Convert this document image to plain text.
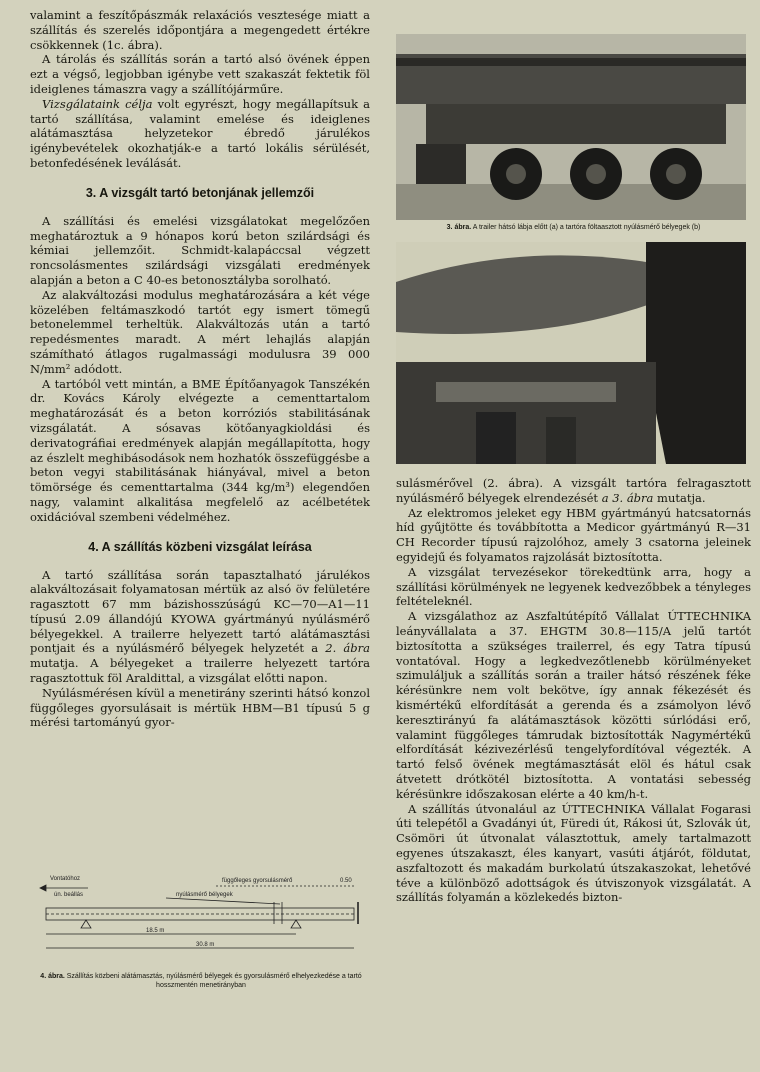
valamint a feszítőpászmák relaxációs vesztesége miatt a szállítás és szerelés időpontjára a megengedett értékre csökkennek (1c. ábra).

A tárolás és szállítás során a tartó alsó övének éppen ezt a végső, legjobban igénybe vett szakaszát fektetik föl ideiglenes támaszra vagy a szállítójárműre.

Vizsgálataink célja volt egyrészt, hogy megállapítsuk a tartó szállítása, valamint emelése és ideiglenes alátámasztása helyzetekor ébredő járulékos igénybevételek okozhatják-e a tartó lokális sérülését, betonfedésének leválását.

3. A vizsgált tartó betonjának jellemzői

A szállítási és emelési vizsgálatokat megelőzően meghatároztuk a 9 hónapos korú beton szilárdsági és kémiai jellemzőit. Schmidt-kalapáccsal végzett roncsolásmentes szilárdsági vizsgálati eredmények alapján a beton a C 40-es betonosztályba sorolható.

Az alakváltozási modulus meghatározására a két vége közelében feltámaszkodó tartót egy ismert tömegű betonelemmel terheltük. Alakváltozás után a tartó repedésmentes maradt. A mért lehajlás alapján számítható átlagos rugalmassági modulusra 39 000 N/mm² adódott.

A tartóból vett mintán, a BME Építőanyagok Tanszékén dr. Kovács Károly elvégezte a cementtartalom meghatározását és a beton korróziós stabilitásának vizsgálatát. A sósavas kötőanyagkioldási és derivatográfiai eredmények alapján megállapította, hogy az észlelt meghibásodások nem hozhatók összefüggésbe a beton vegyi stabilitásának hiányával, mivel a beton tömörsége és cementtartalma (344 kg/m³) elegendően nagy, valamint alkalitása megfelelő az acélbetétek oxidációval szembeni védelméhez.

4. A szállítás közbeni vizsgálat leírása

A tartó szállítása során tapasztalható járulékos alakváltozásait folyamatosan mértük az alsó öv felületére ragasztott 67 mm bázishosszúságú KC—70—A1—11 típusú 2.09 állandójú KYOWA gyártmányú nyúlásmérő bélyegekkel. A trailerre helyezett tartó alátámasztási pontjait és a nyúlásmérő bélyegek helyzetét a 2. ábra mutatja. A bélyegeket a trailerre helyezett tartóra ragasztottuk föl Araldittal, a vizsgálat előtti napon.

Nyúlásmérésen kívül a menetirány szerinti hátsó konzol függőleges gyorsulásait is mértük HBM—B1 típusú 5 g mérési tartományú gyor-

Vontatóhoz
ún. beállás
függőleges gyorsulásmérő	0.50
nyúlásmérő bélyegek
18.5 m
30.8 m
4. ábra. Szállítás közbeni alátámasztás, nyúlásmérő bélyegek és gyorsulásmérő elhelyezkedése a tartó hosszmentén menetirányban
3. ábra. A trailer hátsó lábja előtt (a) a tartóra föltaasztott nyúlásmérő bélyegek (b)

sulásmérővel (2. ábra). A vizsgált tartóra felragasztott nyúlásmérő bélyegek elrendezését a 3. ábra mutatja.

Az elektromos jeleket egy HBM gyártmányú hatcsatornás híd gyűjtötte és továbbította a Medicor gyártmányú R—31 CH Recorder típusú rajzolóhoz, amely 3 csatorna jeleinek egyidejű és folyamatos rajzolását biztosította.

A vizsgálat tervezésekor törekedtünk arra, hogy a szállítási körülmények ne legyenek kedvezőbbek a tényleges feltételeknél.

A vizsgálathoz az Aszfaltútépítő Vállalat ÚTTECHNIKA leányvállalata a 37. EHGTM 30.8—115/A jelű tartót biztosította a szükséges trailerrel, és egy Tatra típusú vontatóval. Hogy a legkedvezőtlenebb körülményeket szimuláljuk a szállítás során a trailer hátsó részének féke kérésünkre nem volt bekötve, így annak fékezését és kismértékű elfordítását a gerenda és a zsámolyon lévő keresztirányú fa alátámasztások közötti súrlódási erő, valamint függőleges támrudak biztosították Nagymértékű elfordítását kézivezérlésű tengelyfordítóval végezték. A tartó felső övének megtámasztását elöl és hátul csak átvetett drótkötél biztosította. A vontatási sebesség kérésünkre időszakosan elérte a 40 km/h-t.

A szállítás útvonalául az ÚTTECHNIKA Vállalat Fogarasi úti telepétől a Gvadányi út, Füredi út, Rákosi út, Szlovák út, Csömöri út útvonalat választottuk, amely tartalmazott egyenes útszakaszt, éles kanyart, vasúti átjárót, földutat, aszfaltozott és makadám burkolatú útszakaszokat, lehetővé téve a különböző adottságok és útviszonyok vizsgálatát. A szállítás folyamán a közlekedés bizton-
